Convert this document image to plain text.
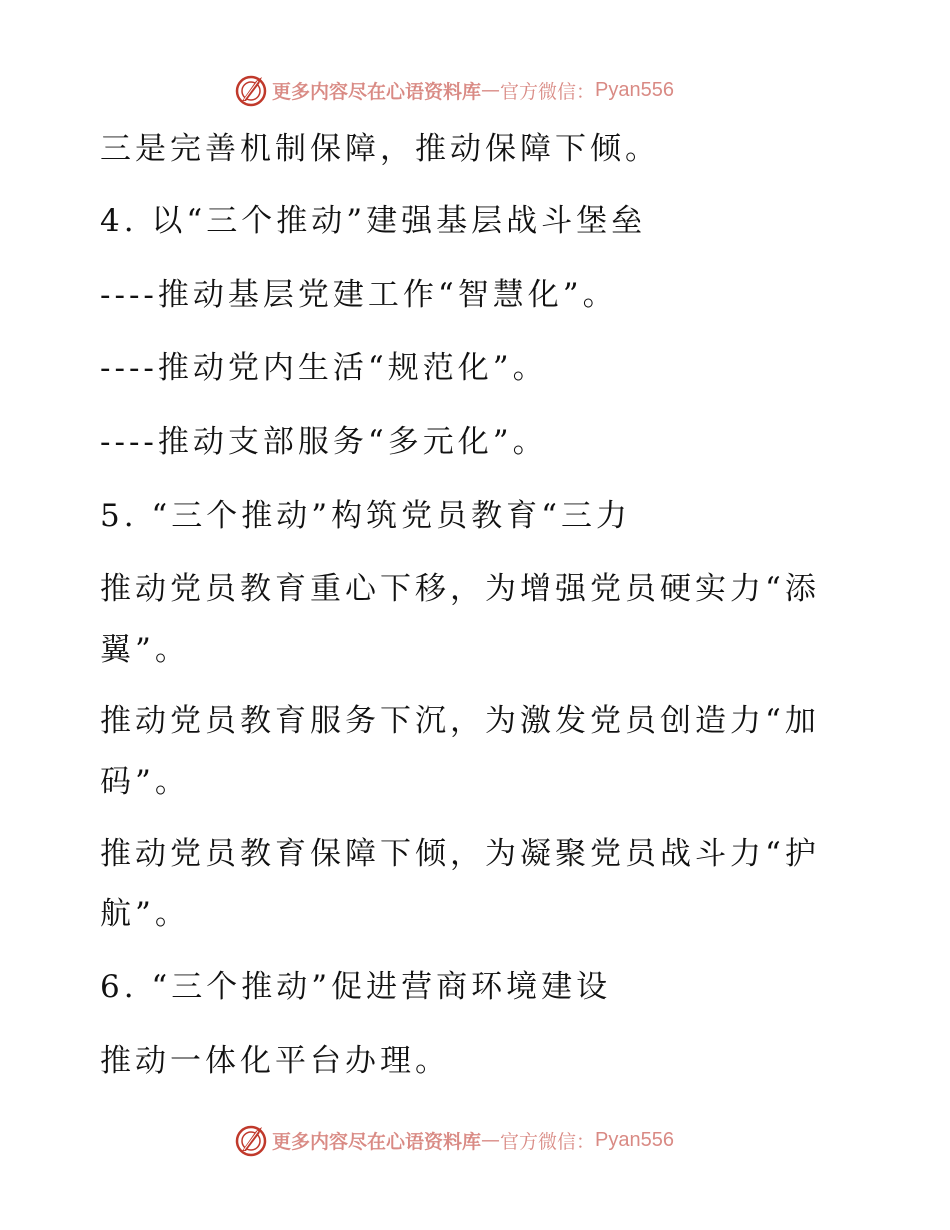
更多内容尽在心语资料库 — 官方微信： Pyan556
三是完善机制保障，推动保障下倾。
4. 以“三个推动”建强基层战斗堡垒
----推动基层党建工作“智慧化”。
----推动党内生活“规范化”。
----推动支部服务“多元化”。
5. “三个推动”构筑党员教育“三力
推动党员教育重心下移，为增强党员硬实力“添
翼”。
推动党员教育服务下沉，为激发党员创造力“加
码”。
推动党员教育保障下倾，为凝聚党员战斗力“护
航”。
6. “三个推动”促进营商环境建设
推动一体化平台办理。
更多内容尽在心语资料库 — 官方微信： Pyan556
